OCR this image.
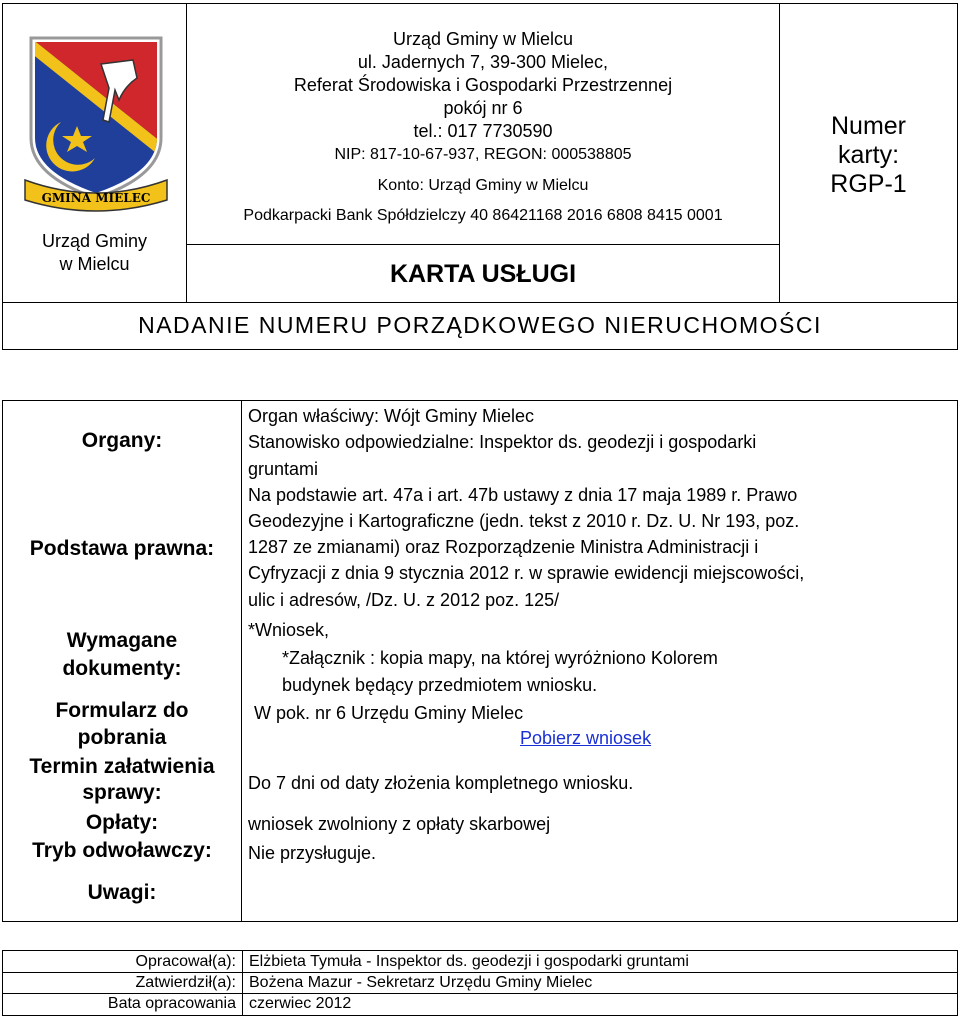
GMINA MIELEC
Urząd Gminy
w Mielcu
Urząd Gminy w Mielcu
ul. Jadernych 7, 39-300 Mielec,
Referat Środowiska i Gospodarki Przestrzennej
pokój nr 6
tel.: 017 7730590
NIP: 817-10-67-937, REGON: 000538805
Konto: Urząd Gminy w Mielcu
Podkarpacki Bank Spółdzielczy 40 86421168 2016 6808 8415 0001
KARTA USŁUGI
Numer
karty:
RGP-1
NADANIE NUMERU PORZĄDKOWEGO NIERUCHOMOŚCI
Organy:
Podstawa prawna:
Wymagane
dokumenty:
Formularz do
pobrania
Termin załatwienia
sprawy:
Opłaty:
Tryb odwoławczy:
Uwagi:
Organ właściwy: Wójt Gminy Mielec
Stanowisko odpowiedzialne: Inspektor ds. geodezji i gospodarki
gruntami
Na podstawie art. 47a i art. 47b ustawy z dnia 17 maja 1989 r. Prawo
Geodezyjne i Kartograficzne (jedn. tekst z 2010 r. Dz. U. Nr 193, poz.
1287 ze zmianami) oraz Rozporządzenie Ministra Administracji i
Cyfryzacji z dnia 9 stycznia 2012 r. w sprawie ewidencji miejscowości,
ulic i adresów, /Dz. U. z 2012 poz. 125/
*Wniosek,
*Załącznik : kopia mapy, na której wyróżniono Kolorem
budynek będący przedmiotem wniosku.
W pok. nr 6 Urzędu Gminy Mielec
Pobierz wniosek
Do 7 dni od daty złożenia kompletnego wniosku.
wniosek zwolniony z opłaty skarbowej
Nie przysługuje.
Opracował(a): Elżbieta Tymuła - Inspektor ds. geodezji i gospodarki gruntami
Zatwierdził(a): Bożena Mazur - Sekretarz Urzędu Gminy Mielec
Bata opracowania czerwiec 2012
